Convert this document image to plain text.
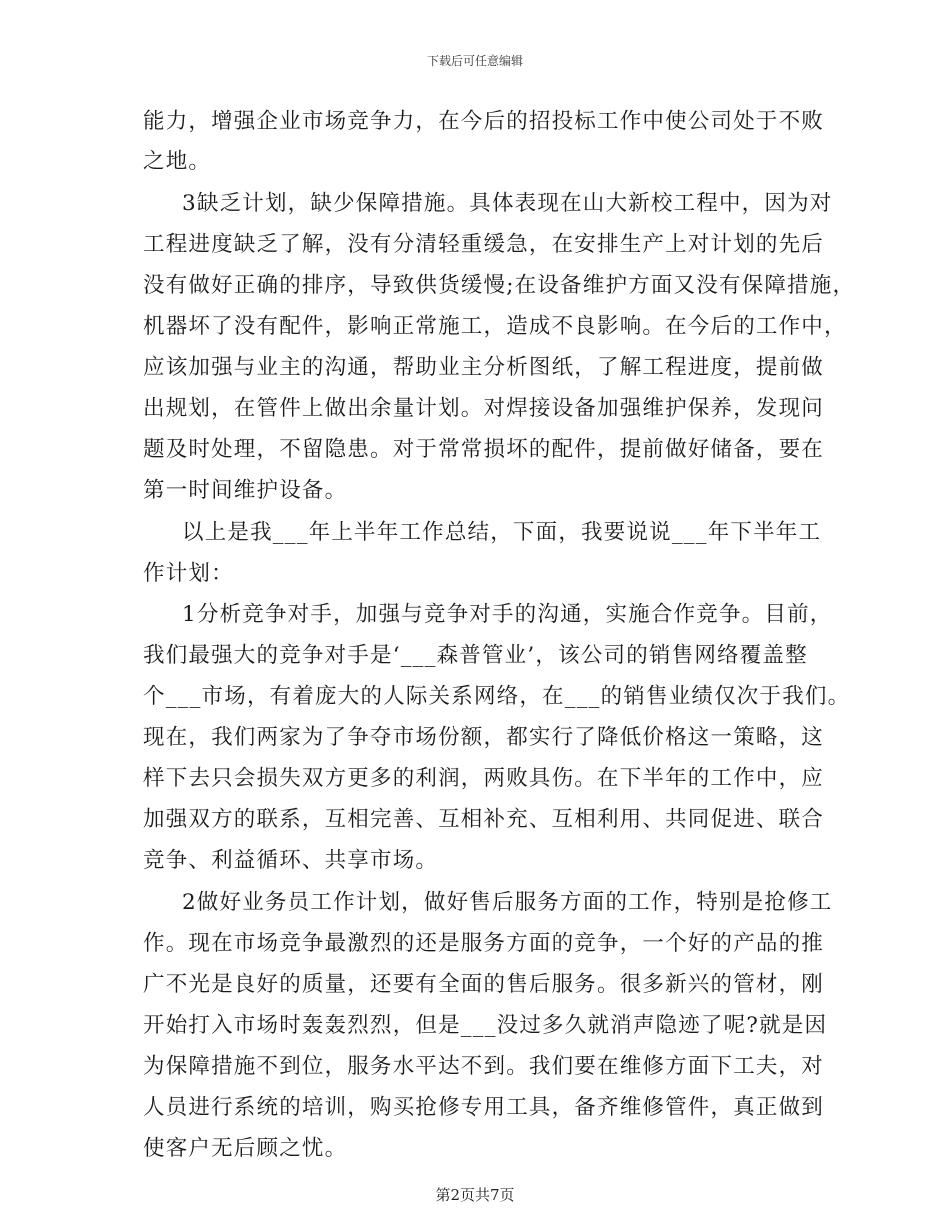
下载后可任意编辑
能力，增强企业市场竞争力，在今后的招投标工作中使公司处于不败
之地。
3缺乏计划，缺少保障措施。具体表现在山大新校工程中，因为对
工程进度缺乏了解，没有分清轻重缓急，在安排生产上对计划的先后
没有做好正确的排序，导致供货缓慢;在设备维护方面又没有保障措施，
机器坏了没有配件，影响正常施工，造成不良影响。在今后的工作中，
应该加强与业主的沟通，帮助业主分析图纸，了解工程进度，提前做
出规划，在管件上做出余量计划。对焊接设备加强维护保养，发现问
题及时处理，不留隐患。对于常常损坏的配件，提前做好储备，要在
第一时间维护设备。
以上是我___年上半年工作总结，下面，我要说说___年下半年工
作计划：
1分析竞争对手，加强与竞争对手的沟通，实施合作竞争。目前，
我们最强大的竞争对手是‘___森普管业’，该公司的销售网络覆盖整
个___市场，有着庞大的人际关系网络，在___的销售业绩仅次于我们。
现在，我们两家为了争夺市场份额，都实行了降低价格这一策略，这
样下去只会损失双方更多的利润，两败具伤。在下半年的工作中，应
加强双方的联系，互相完善、互相补充、互相利用、共同促进、联合
竞争、利益循环、共享市场。
2做好业务员工作计划，做好售后服务方面的工作，特别是抢修工
作。现在市场竞争最激烈的还是服务方面的竞争，一个好的产品的推
广不光是良好的质量，还要有全面的售后服务。很多新兴的管材，刚
开始打入市场时轰轰烈烈，但是___没过多久就消声隐迹了呢?就是因
为保障措施不到位，服务水平达不到。我们要在维修方面下工夫，对
人员进行系统的培训，购买抢修专用工具，备齐维修管件，真正做到
使客户无后顾之忧。
第2页共7页
